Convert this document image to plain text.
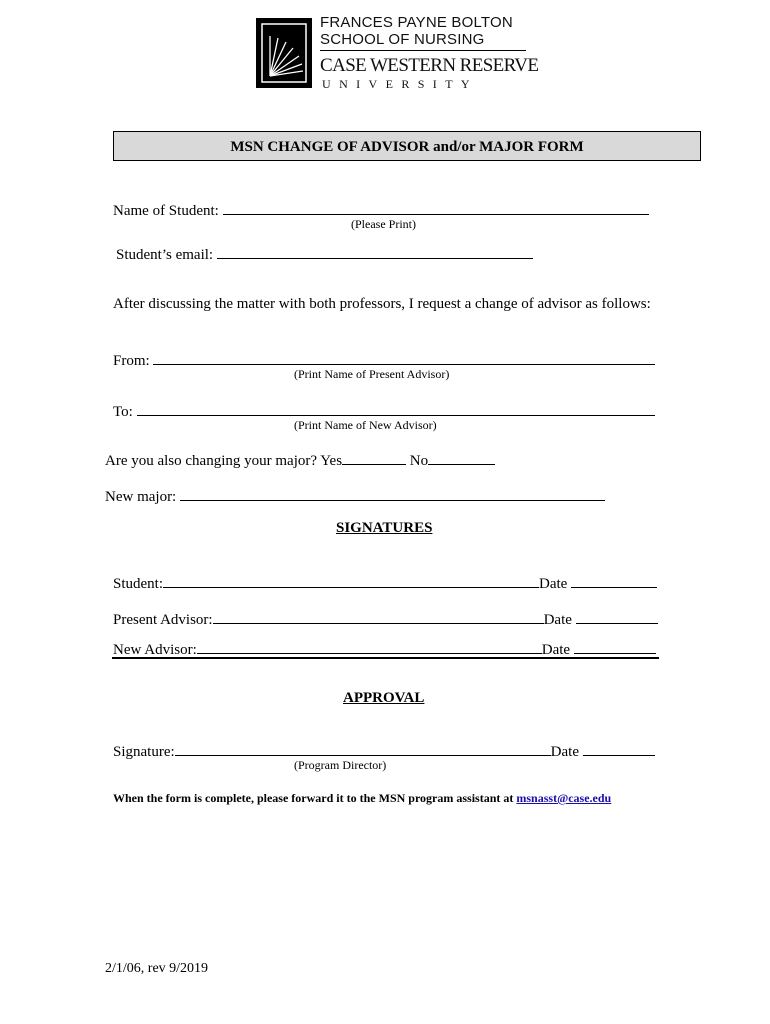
FRANCES PAYNE BOLTON
SCHOOL OF NURSING
CASE WESTERN RESERVE
UNIVERSITY
MSN CHANGE OF ADVISOR and/or MAJOR FORM
Name of Student:
(Please Print)
Student’s email:
After discussing the matter with both professors, I request a change of advisor as follows:
From:
(Print Name of Present Advisor)
To:
(Print Name of New Advisor)
Are you also changing your major? Yes	No
New major:
SIGNATURES
Student:	Date
Present Advisor:	Date
New Advisor:	Date
APPROVAL
Signature:	Date
(Program Director)
When the form is complete, please forward it to the MSN program assistant at msnasst@case.edu
2/1/06, rev 9/2019
